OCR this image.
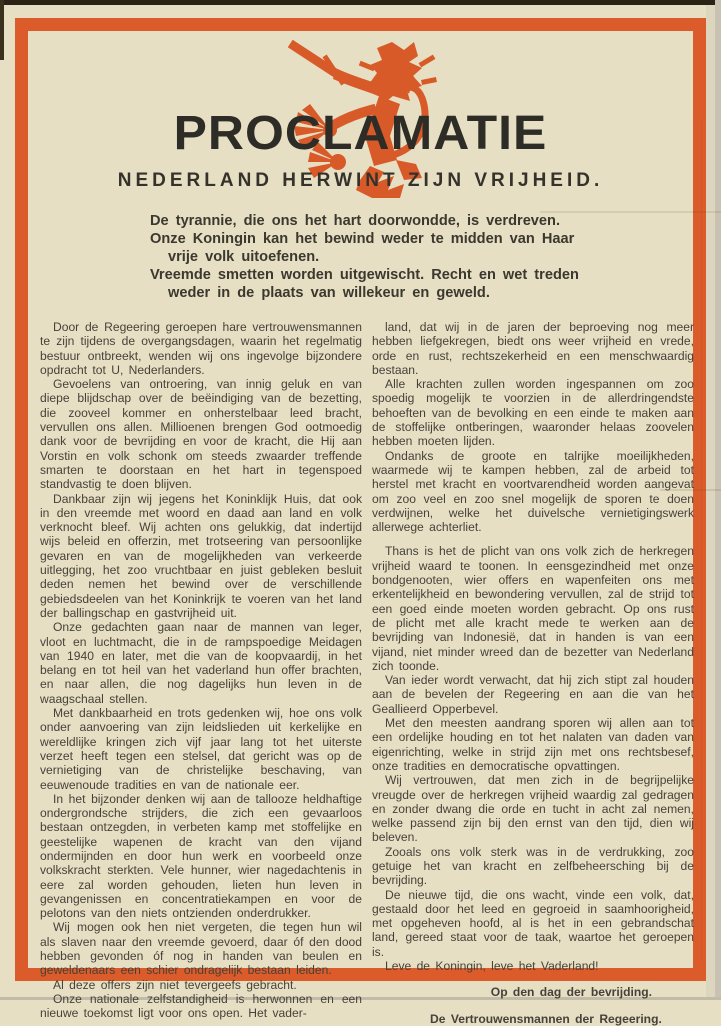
PROCLAMATIE
NEDERLAND HERWINT ZIJN VRIJHEID.

De tyrannie, die ons het hart doorwondde, is verdreven.

Onze Koningin kan het bewind weder te midden van Haar vrije volk uitoefenen.

Vreemde smetten worden uitgewischt. Recht en wet treden weder in de plaats van willekeur en geweld.

Door de Regeering geroepen hare vertrouwensmannen te zijn tijdens de overgangsdagen, waarin het regelmatig bestuur ontbreekt, wenden wij ons ingevolge bijzondere opdracht tot U, Nederlanders.

Gevoelens van ontroering, van innig geluk en van diepe blijdschap over de beëindiging van de bezetting, die zooveel kommer en onherstelbaar leed bracht, vervullen ons allen. Millioenen brengen God ootmoedig dank voor de bevrijding en voor de kracht, die Hij aan Vorstin en volk schonk om steeds zwaarder treffende smarten te doorstaan en het hart in tegenspoed standvastig te doen blijven.

Dankbaar zijn wij jegens het Koninklijk Huis, dat ook in den vreemde met woord en daad aan land en volk verknocht bleef. Wij achten ons gelukkig, dat indertijd wijs beleid en offerzin, met trotseering van persoonlijke gevaren en van de mogelijkheden van verkeerde uitlegging, het zoo vruchtbaar en juist gebleken besluit deden nemen het bewind over de verschillende gebiedsdeelen van het Koninkrijk te voeren van het land der ballingschap en gastvrijheid uit.

Onze gedachten gaan naar de mannen van leger, vloot en luchtmacht, die in de rampspoedige Meidagen van 1940 en later, met die van de koopvaardij, in het belang en tot heil van het vaderland hun offer brachten, en naar allen, die nog dagelijks hun leven in de waagschaal stellen.

Met dankbaarheid en trots gedenken wij, hoe ons volk onder aanvoering van zijn leidslieden uit kerkelijke en wereldlijke kringen zich vijf jaar lang tot het uiterste verzet heeft tegen een stelsel, dat gericht was op de vernietiging van de christelijke beschaving, van eeuwenoude tradities en van de nationale eer.

In het bijzonder denken wij aan de tallooze heldhaftige ondergrondsche strijders, die zich een gevaarloos bestaan ontzegden, in verbeten kamp met stoffelijke en geestelijke wapenen de kracht van den vijand ondermijnden en door hun werk en voorbeeld onze volkskracht sterkten. Vele hunner, wier nagedachtenis in eere zal worden gehouden, lieten hun leven in gevangenissen en concentratiekampen en voor de pelotons van den niets ontzienden onderdrukker.

Wij mogen ook hen niet vergeten, die tegen hun wil als slaven naar den vreemde gevoerd, daar óf den dood hebben gevonden óf nog in handen van beulen en geweldenaars een schier ondragelijk bestaan leiden.

Al deze offers zijn niet tevergeefs gebracht.

Onze nationale zelfstandigheid is herwonnen en een nieuwe toekomst ligt voor ons open. Het vader-

land, dat wij in de jaren der beproeving nog meer hebben liefgekregen, biedt ons weer vrijheid en vrede, orde en rust, rechtszekerheid en een menschwaardig bestaan.

Alle krachten zullen worden ingespannen om zoo spoedig mogelijk te voorzien in de allerdringendste behoeften van de bevolking en een einde te maken aan de stoffelijke ontberingen, waaronder helaas zoovelen hebben moeten lijden.

Ondanks de groote en talrijke moeilijkheden, waarmede wij te kampen hebben, zal de arbeid tot herstel met kracht en voortvarendheid worden aangevat om zoo veel en zoo snel mogelijk de sporen te doen verdwijnen, welke het duivelsche vernietigingswerk allerwege achterliet.

Thans is het de plicht van ons volk zich de herkregen vrijheid waard te toonen. In eensgezindheid met onze bondgenooten, wier offers en wapenfeiten ons met erkentelijkheid en bewondering vervullen, zal de strijd tot een goed einde moeten worden gebracht. Op ons rust de plicht met alle kracht mede te werken aan de bevrijding van Indonesië, dat in handen is van een vijand, niet minder wreed dan de bezetter van Nederland zich toonde.

Van ieder wordt verwacht, dat hij zich stipt zal houden aan de bevelen der Regeering en aan die van het Geallieerd Opperbevel.

Met den meesten aandrang sporen wij allen aan tot een ordelijke houding en tot het nalaten van daden van eigenrichting, welke in strijd zijn met ons rechtsbesef, onze tradities en democratische opvattingen.

Wij vertrouwen, dat men zich in de begrijpelijke vreugde over de herkregen vrijheid waardig zal gedragen en zonder dwang die orde en tucht in acht zal nemen, welke passend zijn bij den ernst van den tijd, dien wij beleven.

Zooals ons volk sterk was in de verdrukking, zoo getuige het van kracht en zelfbeheersching bij de bevrijding.

De nieuwe tijd, die ons wacht, vinde een volk, dat, gestaald door het leed en gegroeid in saamhoorigheid, met opgeheven hoofd, al is het in een gebrandschat land, gereed staat voor de taak, waartoe het geroepen is.

Leve de Koningin, leve het Vaderland!

Op den dag der bevrijding.
De Vertrouwensmannen der Regeering.
